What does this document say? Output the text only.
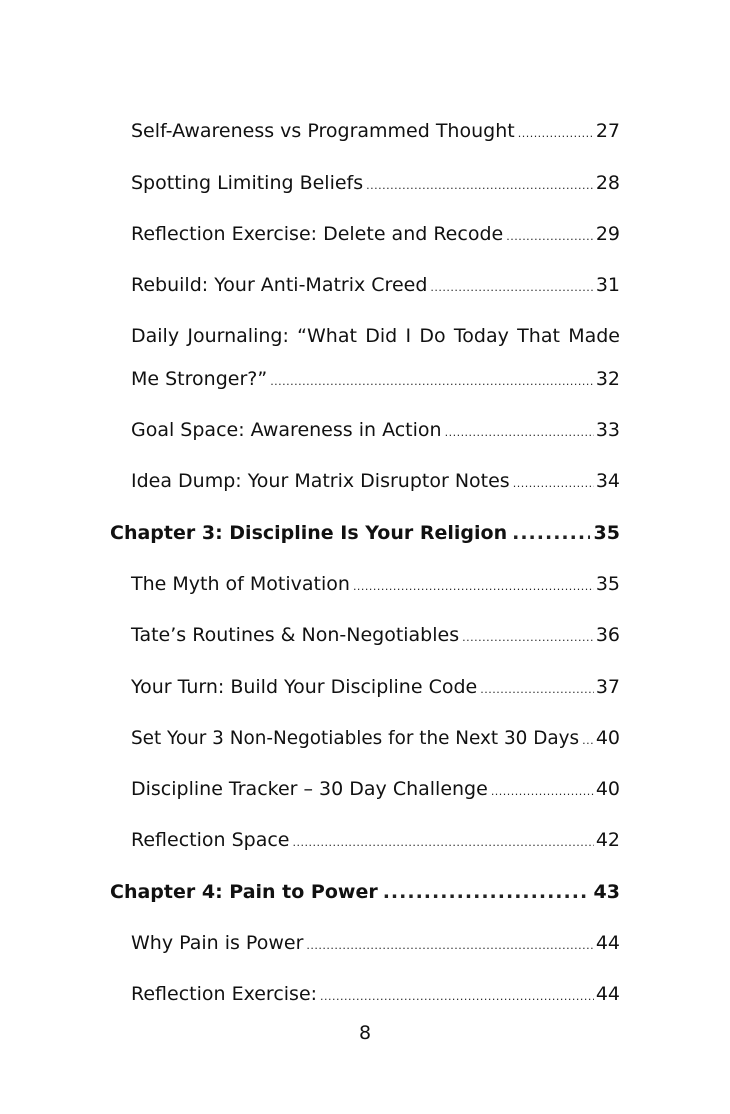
Self-Awareness vs Programmed Thought .....	27
Spotting Limiting Beliefs .....	28
Reflection Exercise: Delete and Recode .....	29
Rebuild: Your Anti-Matrix Creed .....	31
Daily Journaling: “What Did I Do Today That Made
Me Stronger?” .....	32
Goal Space: Awareness in Action .....	33
Idea Dump: Your Matrix Disruptor Notes .....	34
Chapter 3: Discipline Is Your Religion .....	35
The Myth of Motivation .....	35
Tate’s Routines & Non-Negotiables .....	36
Your Turn: Build Your Discipline Code .....	37
Set Your 3 Non-Negotiables for the Next 30 Days ..... 40
Discipline Tracker – 30 Day Challenge .....	40
Reflection Space .....	42
Chapter 4: Pain to Power .....	43
Why Pain is Power .....	44
Reflection Exercise: .....	44
8
